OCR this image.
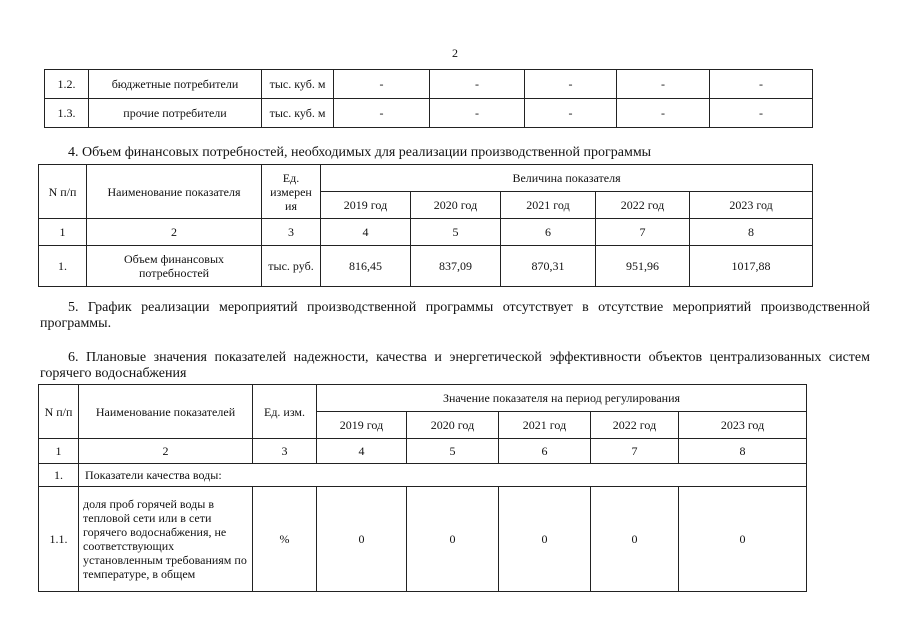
2
1.2.	бюджетные потребители	тыс. куб. м	-	-	-	-	-
1.3.	прочие потребители	тыс. куб. м	-	-	-	-	-
4. Объем финансовых потребностей, необходимых для реализации производственной программы
N п/п	Наименование показателя	Ед. измерен ия	Величина показателя				
			2019 год	2020 год	2021 год	2022 год	2023 год
1	2	3	4	5	6	7	8
1.	Объем финансовых потребностей	тыс. руб.	816,45	837,09	870,31	951,96	1017,88
5. График реализации мероприятий производственной программы отсутствует в отсутствие мероприятий производственной программы.
6. Плановые значения показателей надежности, качества и энергетической эффективности объектов централизованных систем горячего водоснабжения
N п/п	Наименование показателей	Ед. изм.	Значение показателя на период регулирования				
			2019 год	2020 год	2021 год	2022 год	2023 год
1	2	3	4	5	6	7	8
1.	Показатели качества воды:						
1.1.	доля проб горячей воды в тепловой сети или в сети горячего водоснабжения, не соответствующих установленным требованиям по температуре, в общем	%	0	0	0	0	0
